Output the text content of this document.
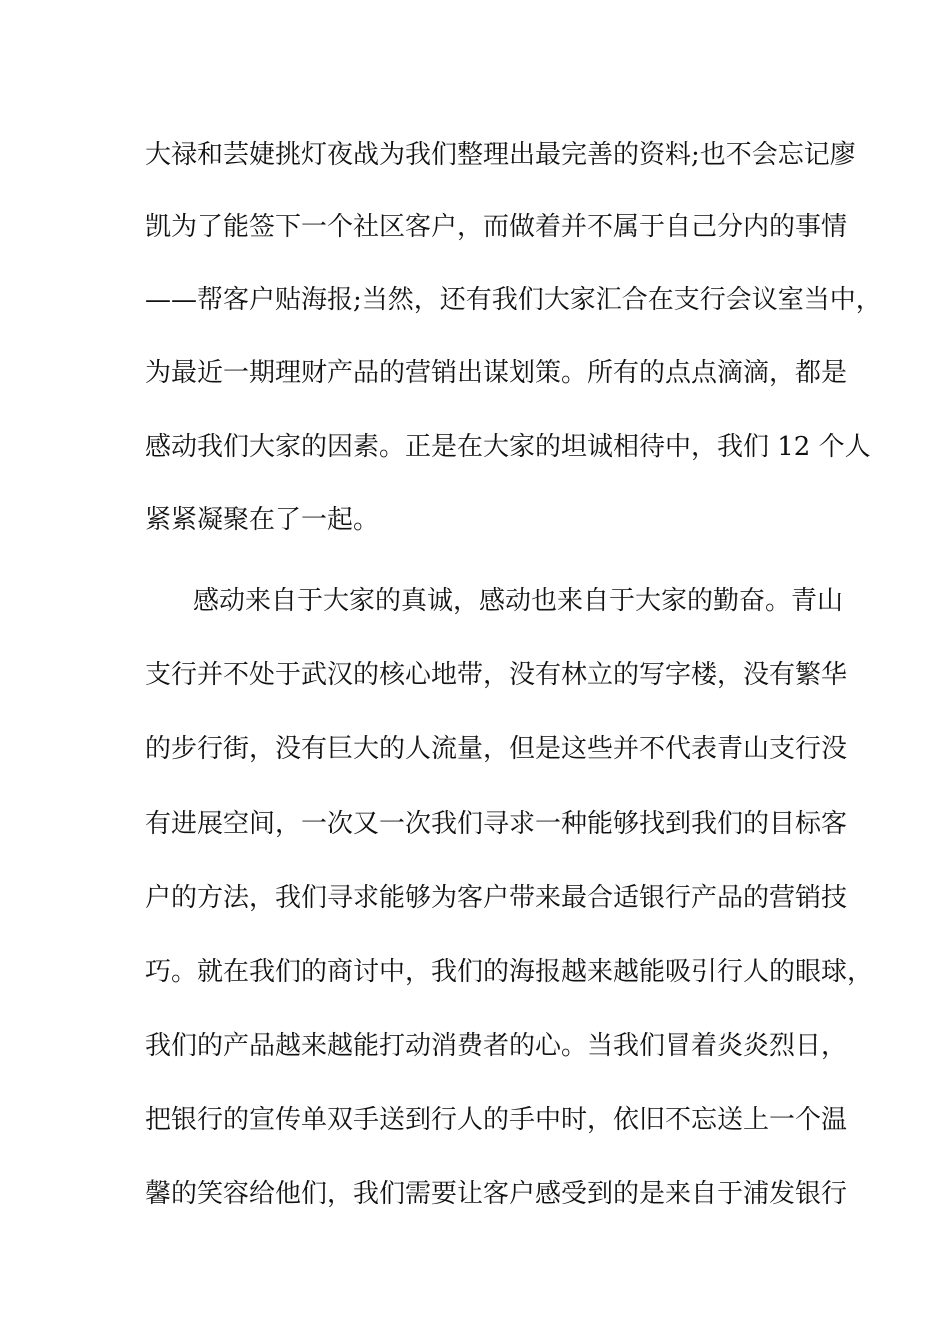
大禄和芸婕挑灯夜战为我们整理出最完善的资料;也不会忘记廖
凯为了能签下一个社区客户，而做着并不属于自己分内的事情
——帮客户贴海报;当然，还有我们大家汇合在支行会议室当中，
为最近一期理财产品的营销出谋划策。所有的点点滴滴，都是
感动我们大家的因素。正是在大家的坦诚相待中，我们 12 个人
紧紧凝聚在了一起。
感动来自于大家的真诚，感动也来自于大家的勤奋。青山
支行并不处于武汉的核心地带，没有林立的写字楼，没有繁华
的步行街，没有巨大的人流量，但是这些并不代表青山支行没
有进展空间，一次又一次我们寻求一种能够找到我们的目标客
户的方法，我们寻求能够为客户带来最合适银行产品的营销技
巧。就在我们的商讨中，我们的海报越来越能吸引行人的眼球，
我们的产品越来越能打动消费者的心。当我们冒着炎炎烈日，
把银行的宣传单双手送到行人的手中时，依旧不忘送上一个温
馨的笑容给他们，我们需要让客户感受到的是来自于浦发银行
